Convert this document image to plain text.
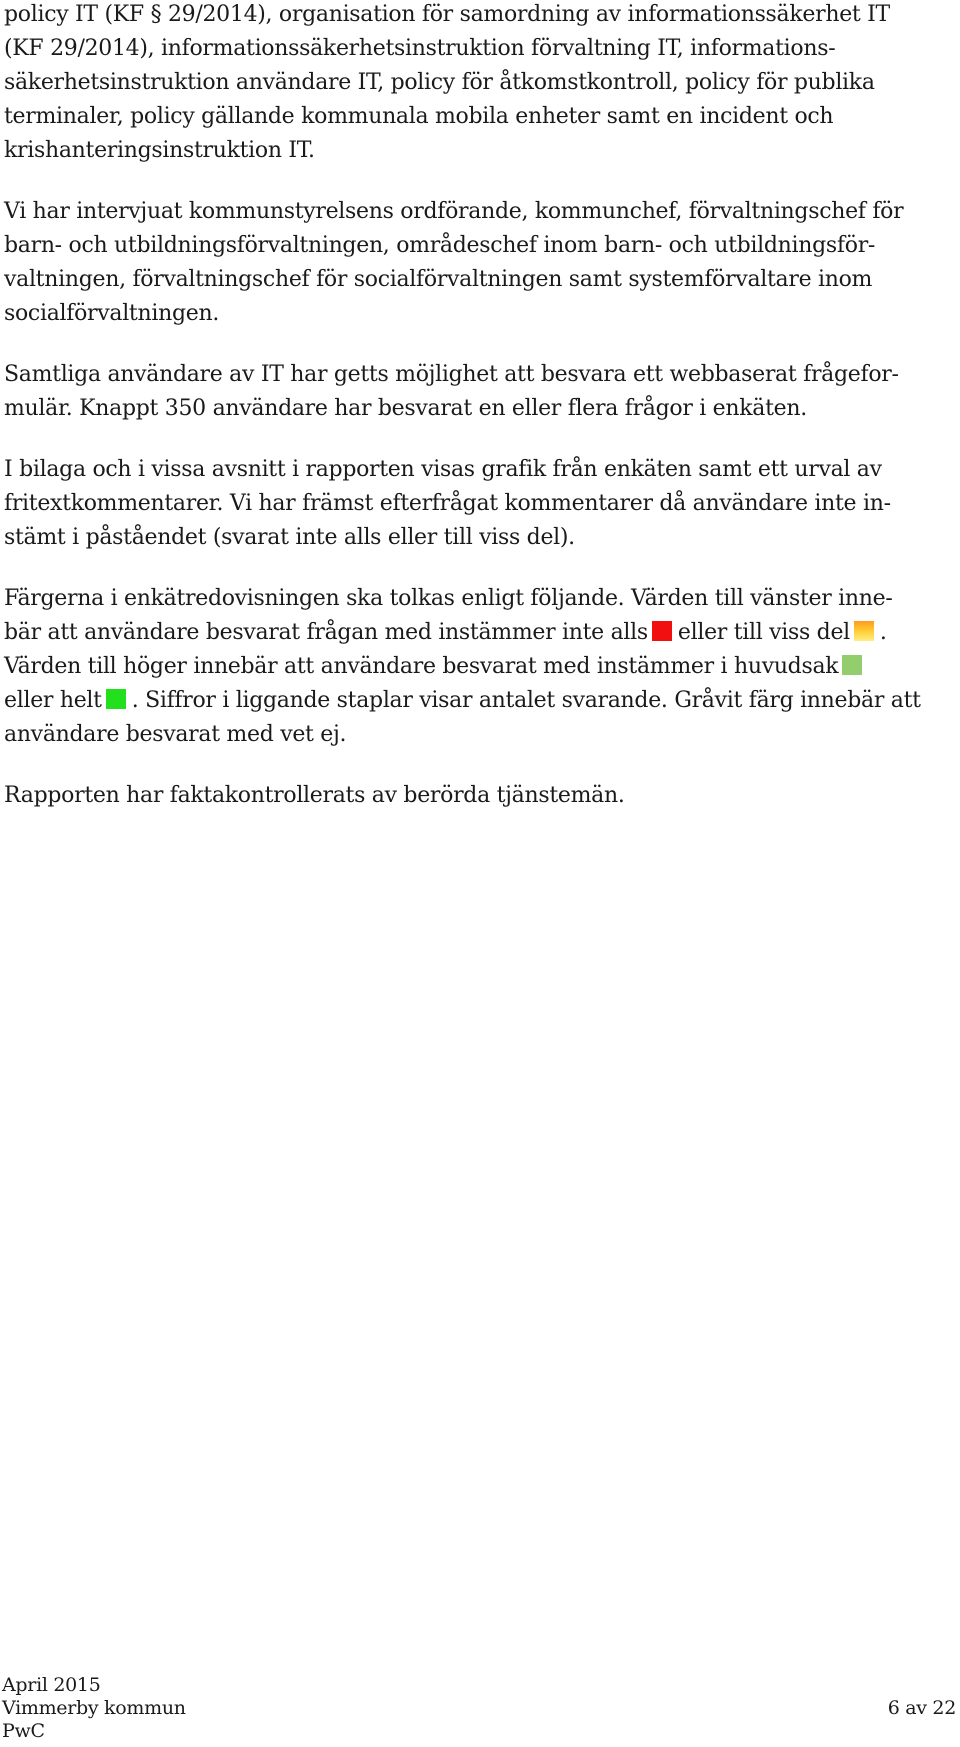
policy IT (KF § 29/2014), organisation för samordning av informationssäkerhet IT
(KF 29/2014), informationssäkerhetsinstruktion förvaltning IT, informations-
säkerhetsinstruktion användare IT, policy för åtkomstkontroll, policy för publika
terminaler, policy gällande kommunala mobila enheter samt en incident och
krishanteringsinstruktion IT.

Vi har intervjuat kommunstyrelsens ordförande, kommunchef, förvaltningschef för
barn- och utbildningsförvaltningen, områdeschef inom barn- och utbildningsför-
valtningen, förvaltningschef för socialförvaltningen samt systemförvaltare inom
socialförvaltningen.

Samtliga användare av IT har getts möjlighet att besvara ett webbaserat frågefor-
mulär. Knappt 350 användare har besvarat en eller flera frågor i enkäten.

I bilaga och i vissa avsnitt i rapporten visas grafik från enkäten samt ett urval av
fritextkommentarer. Vi har främst efterfrågat kommentarer då användare inte in-
stämt i påståendet (svarat inte alls eller till viss del).

Färgerna i enkätredovisningen ska tolkas enligt följande. Värden till vänster inne-
bär att användare besvarat frågan med instämmer inte alls eller till viss del .
Värden till höger innebär att användare besvarat med instämmer i huvudsak
eller helt . Siffror i liggande staplar visar antalet svarande. Gråvit färg innebär att
användare besvarat med vet ej.

Rapporten har faktakontrollerats av berörda tjänstemän.

April 2015
Vimmerby kommun	6 av 22
PwC
